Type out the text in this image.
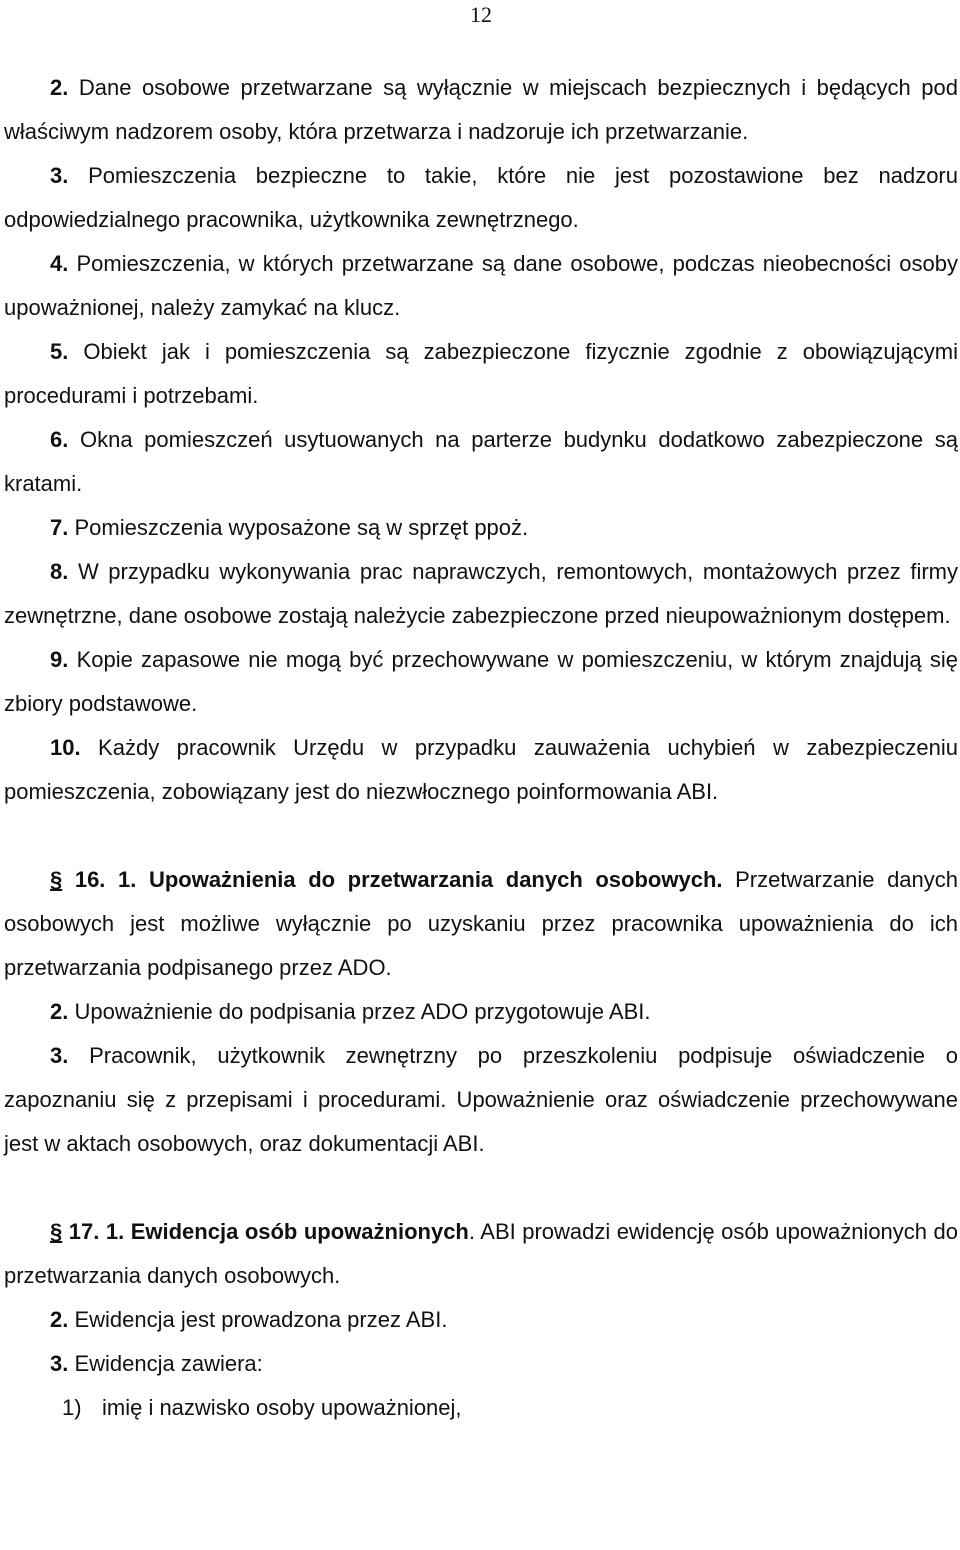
12

2. Dane osobowe przetwarzane są wyłącznie w miejscach bezpiecznych i będących pod właściwym nadzorem osoby, która przetwarza i nadzoruje ich przetwarzanie.

3. Pomieszczenia bezpieczne to takie, które nie jest pozostawione bez nadzoru odpowiedzialnego pracownika, użytkownika zewnętrznego.

4. Pomieszczenia, w których przetwarzane są dane osobowe, podczas nieobecności osoby upoważnionej, należy zamykać na klucz.

5. Obiekt jak i pomieszczenia są zabezpieczone fizycznie zgodnie z obowiązującymi procedurami i potrzebami.

6. Okna pomieszczeń usytuowanych na parterze budynku dodatkowo zabezpieczone są kratami.

7. Pomieszczenia wyposażone są w sprzęt ppoż.

8. W przypadku wykonywania prac naprawczych, remontowych, montażowych przez firmy zewnętrzne, dane osobowe zostają należycie zabezpieczone przed nieupoważnionym dostępem.

9. Kopie zapasowe nie mogą być przechowywane w pomieszczeniu, w którym znajdują się zbiory podstawowe.

10. Każdy pracownik Urzędu w przypadku zauważenia uchybień w zabezpieczeniu pomieszczenia, zobowiązany jest do niezwłocznego poinformowania ABI.

§ 16. 1. Upoważnienia do przetwarzania danych osobowych. Przetwarzanie danych osobowych jest możliwe wyłącznie po uzyskaniu przez pracownika upoważnienia do ich przetwarzania podpisanego przez ADO.

2. Upoważnienie do podpisania przez ADO przygotowuje ABI.

3. Pracownik, użytkownik zewnętrzny po przeszkoleniu podpisuje oświadczenie o zapoznaniu się z przepisami i procedurami. Upoważnienie oraz oświadczenie przechowywane jest w aktach osobowych, oraz dokumentacji ABI.

§ 17. 1. Ewidencja osób upoważnionych. ABI prowadzi ewidencję osób upoważnionych do przetwarzania danych osobowych.

2. Ewidencja jest prowadzona przez ABI.

3. Ewidencja zawiera:

1) imię i nazwisko osoby upoważnionej,
